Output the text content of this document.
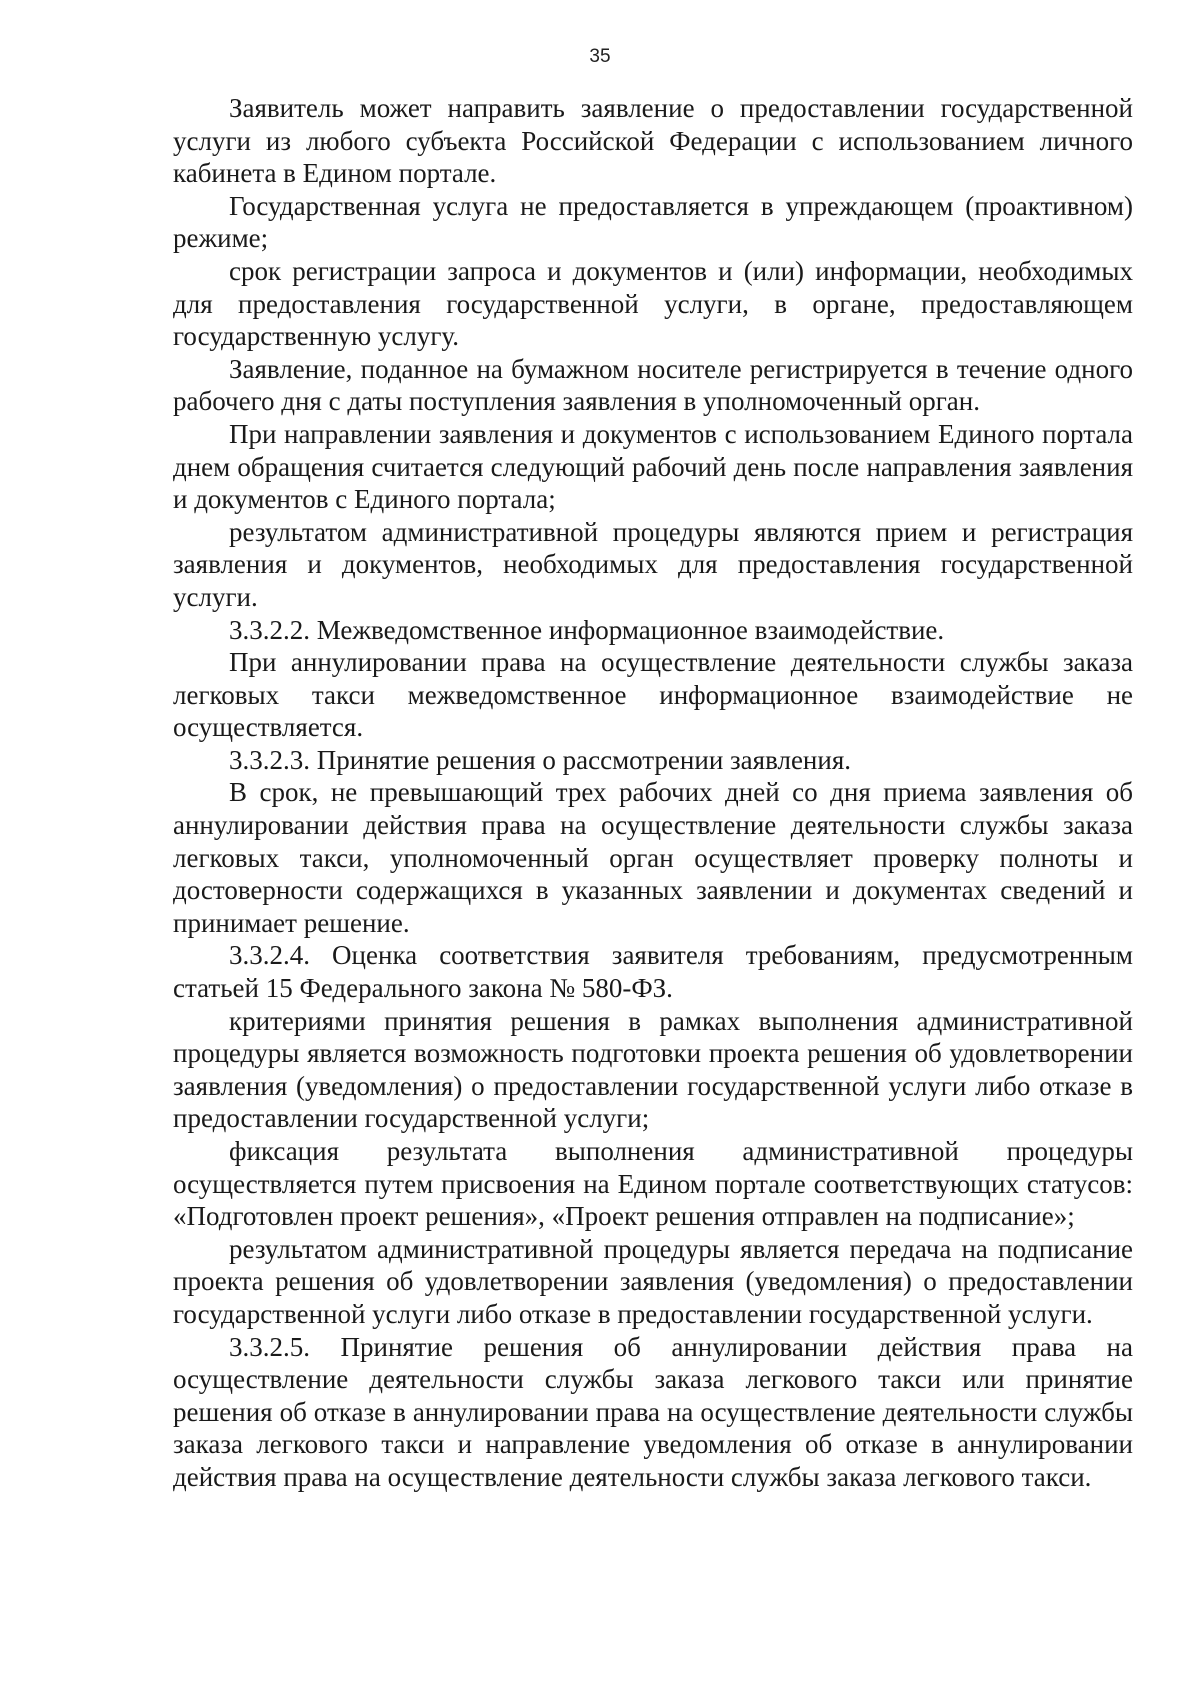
35

Заявитель может направить заявление о предоставлении государственной услуги из любого субъекта Российской Федерации с использованием личного кабинета в Едином портале.

Государственная услуга не предоставляется в упреждающем (проактивном) режиме;

срок регистрации запроса и документов и (или) информации, необходимых для предоставления государственной услуги, в органе, предоставляющем государственную услугу.

Заявление, поданное на бумажном носителе регистрируется в течение одного рабочего дня с даты поступления заявления в уполномоченный орган.

При направлении заявления и документов с использованием Единого портала днем обращения считается следующий рабочий день после направления заявления и документов с Единого портала;

результатом административной процедуры являются прием и регистрация заявления и документов, необходимых для предоставления государственной услуги.

3.3.2.2. Межведомственное информационное взаимодействие.

При аннулировании права на осуществление деятельности службы заказа легковых такси межведомственное информационное взаимодействие не осуществляется.

3.3.2.3. Принятие решения о рассмотрении заявления.

В срок, не превышающий трех рабочих дней со дня приема заявления об аннулировании действия права на осуществление деятельности службы заказа легковых такси, уполномоченный орган осуществляет проверку полноты и достоверности содержащихся в указанных заявлении и документах сведений и принимает решение.

3.3.2.4. Оценка соответствия заявителя требованиям, предусмотренным статьей 15 Федерального закона № 580-ФЗ.

критериями принятия решения в рамках выполнения административной процедуры является возможность подготовки проекта решения об удовлетворении заявления (уведомления) о предоставлении государственной услуги либо отказе в предоставлении государственной услуги;

фиксация результата выполнения административной процедуры осуществляется путем присвоения на Едином портале соответствующих статусов: «Подготовлен проект решения», «Проект решения отправлен на подписание»;

результатом административной процедуры является передача на подписание проекта решения об удовлетворении заявления (уведомления) о предоставлении государственной услуги либо отказе в предоставлении государственной услуги.

3.3.2.5. Принятие решения об аннулировании действия права на осуществление деятельности службы заказа легкового такси или принятие решения об отказе в аннулировании права на осуществление деятельности службы заказа легкового такси и направление уведомления об отказе в аннулировании действия права на осуществление деятельности службы заказа легкового такси.
